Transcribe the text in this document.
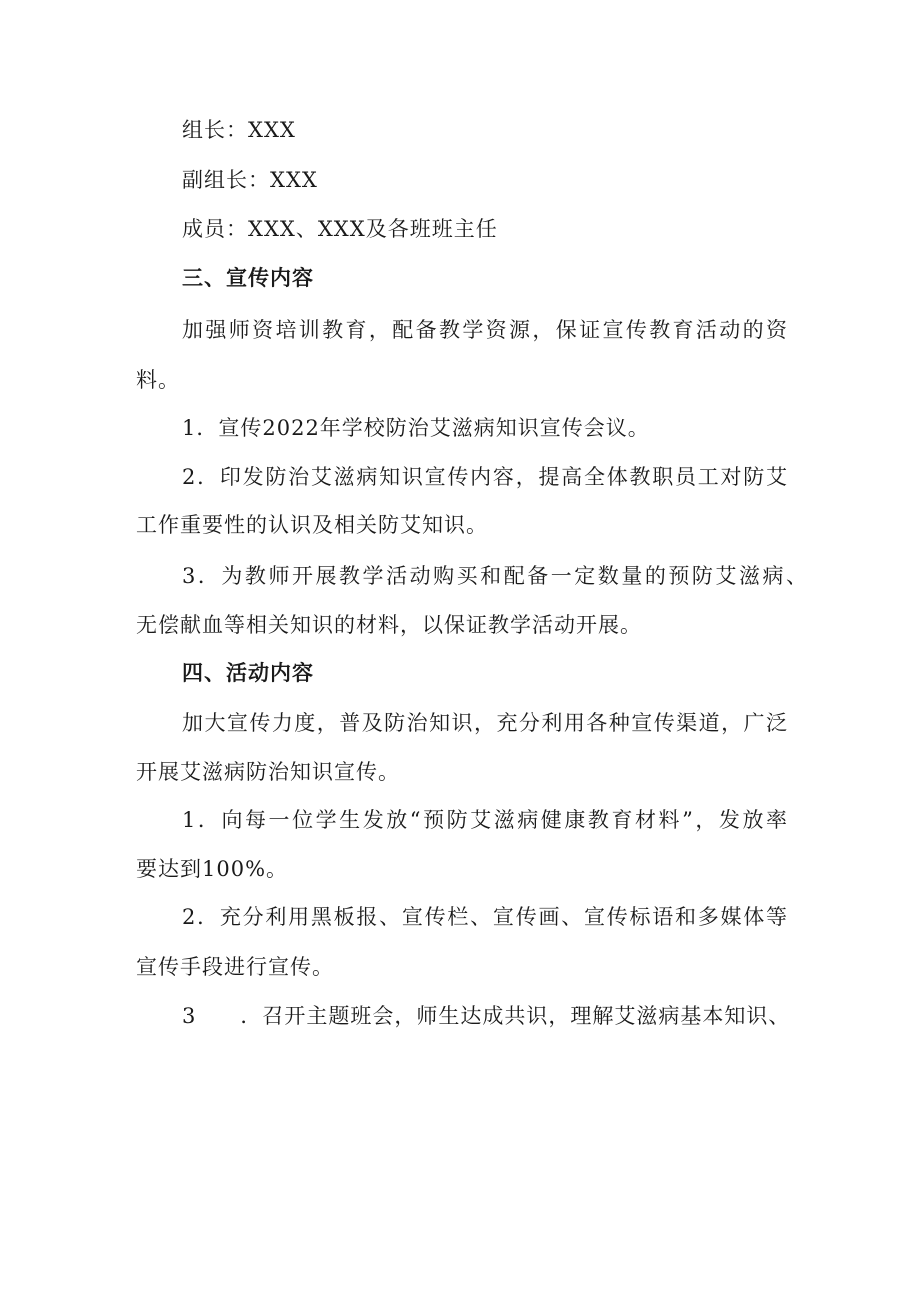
组长：XXX
副组长：XXX
成员：XXX、XXX及各班班主任
三、宣传内容
加强师资培训教育，配备教学资源，保证宣传教育活动的资
料。
1．宣传2022年学校防治艾滋病知识宣传会议。
2．印发防治艾滋病知识宣传内容，提高全体教职员工对防艾
工作重要性的认识及相关防艾知识。
3．为教师开展教学活动购买和配备一定数量的预防艾滋病、
无偿献血等相关知识的材料，以保证教学活动开展。
四、活动内容
加大宣传力度，普及防治知识，充分利用各种宣传渠道，广泛
开展艾滋病防治知识宣传。
1．向每一位学生发放“预防艾滋病健康教育材料”，发放率
要达到100%。
2．充分利用黑板报、宣传栏、宣传画、宣传标语和多媒体等
宣传手段进行宣传。
3 ．召开主题班会，师生达成共识，理解艾滋病基本知识、
